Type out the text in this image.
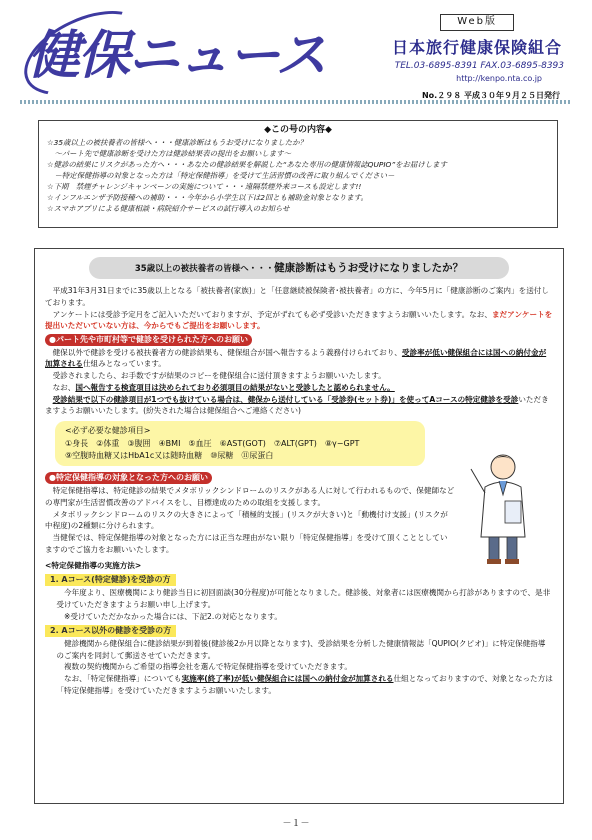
健保ニュース
Web版
日本旅行健康保険組合
TEL.03-6895-8391 FAX.03-6895-8393
http://kenpo.nta.co.jp
No.２９８ 平成３０年９月２５日発行
◆この号の内容◆

☆35歳以上の被扶養者の皆様へ・・・健康診断はもうお受けになりましたか？

　～パート先で健康診断を受けた方は健診結果表の提出をお願いします～

☆健診の結果にリスクがあった方へ・・・あなたの健診結果を解説した“あなた専用の健康情報誌QUPIO”をお届けします

　－特定保健指導の対象となった方は「特定保健指導」を受けて生活習慣の改善に取り組んでください－

☆下期　禁煙チャレンジキャンペーンの実施について・・・遠隔禁煙外来コースも設定します!!

☆インフルエンザ予防接種への補助・・・今年から小学生以下は2回とも補助金対象となります。

☆スマホアプリによる健康相談・病院紹介サービスの試行導入のお知らせ

35歳以上の被扶養者の皆様へ・・・健康診断はもうお受けになりましたか？

平成31年3月31日までに35歳以上となる「被扶養者(家族)」と「任意継続被保険者･被扶養者」の方に、今年5月に「健康診断のご案内」を送付しております。

アンケートには受診予定月をご記入いただいておりますが、予定がずれても必ず受診いただきますようお願いいたします。なお、まだアンケートを提出いただいていない方は、今からでもご提出をお願いします。

●パート先や市町村等で健診を受けられた方へのお願い

健保以外で健診を受ける被扶養者方の健診結果も、健保組合が国へ報告するよう義務付けられており、受診率が低い健保組合には国への納付金が加算される仕組みとなっています。

受診されましたら、お手数ですが結果のコピーを健保組合に送付頂きますようお願いいたします。

なお、国へ報告する検査項目は決められており必須項目の結果がないと受診したと認められません。

受診結果で以下の健診項目が1つでも抜けている場合は、健保から送付している「受診券(セット券)」を使ってAコースの特定健診を受診いただきますようお願いいたします。(紛失された場合は健保組合へご連絡ください)

<必ず必要な健診項目>

①身長　②体重　③腹囲　④BMI　⑤血圧　⑥AST(GOT)　⑦ALT(GPT)　⑧γ−GPT

⑨空腹時血糖又はHbA1c又は随時血糖　⑩尿糖　⑪尿蛋白

●特定保健指導の対象となった方へのお願い

特定保健指導は、特定健診の結果でメタボリックシンドロームのリスクがある人に対して行われるもので、保健師などの専門家が生活習慣改善のアドバイスをし、目標達成のための取組を支援します。

メタボリックシンドロームのリスクの大きさによって「積極的支援」(リスクが大きい)と「動機付け支援」(リスクが中程度)の2種類に分けられます。

当健保では、特定保健指導の対象となった方には正当な理由がない限り「特定保健指導」を受けて頂くこととしていますのでご協力をお願いいたします。

<特定保健指導の実施方法>

1. Aコース(特定健診)を受診の方

今年度より、医療機関により健診当日に初回面談(30分程度)が可能となりました。健診後、対象者には医療機関から打診がありますので、是非受けていただきますようお願い申し上げます。

※受けていただかなかった場合には、下記2.の対応となります。

2. Aコース以外の健診を受診の方

健診機関から健保組合に健診結果が到着後(健診後2か月以降となります)、受診結果を分析した健康情報誌「QUPIO(クピオ)」に特定保健指導のご案内を同封して郵送させていただきます。

複数の契約機関からご希望の指導会社を選んで特定保健指導を受けていただきます。

なお、「特定保健指導」についても実施率(終了率)が低い健保組合には国への納付金が加算される仕組となっておりますので、対象となった方は「特定保健指導」を受けていただきますようお願いいたします。

－１－
